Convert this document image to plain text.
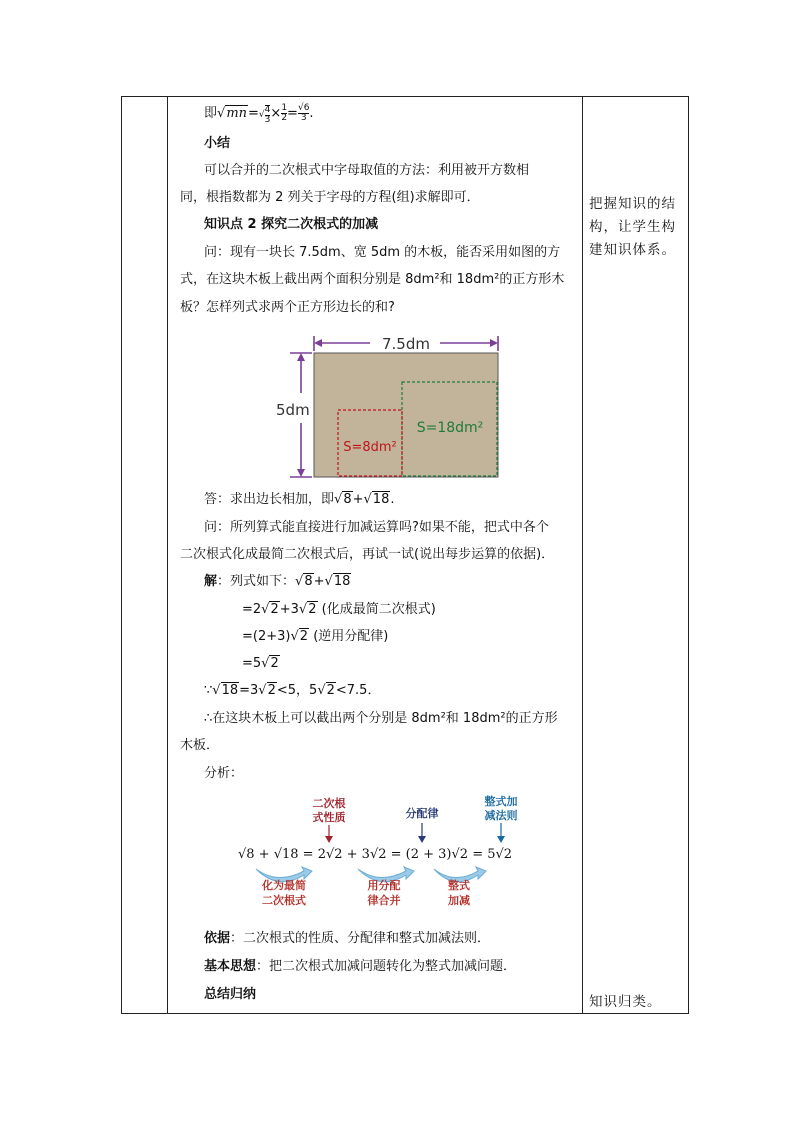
即√mn=√ 4
$3 \times \frac{1}{2} = \frac{√6}{3}$ .
小结
可以合并的二次根式中字母取值的方法：利用被开方数相
同，根指数都为 2 列关于字母的方程(组)求解即可．
知识点 2 探究二次根式的加减
问：现有一块长 7.5dm、宽 5dm 的木板，能否采用如图的方
式，在这块木板上截出两个面积分别是 8dm²和 18dm²的正方形木
板？怎样列式求两个正方形边长的和?
7.5dm
5dm
S=18dm²
S=8dm²
答：求出边长相加，即√8+√18.
问：所列算式能直接进行加减运算吗?如果不能，把式中各个
二次根式化成最简二次根式后，再试一试(说出每步运算的依据)．
解：列式如下：√8+√18
=2√2+3√2 (化成最简二次根式)
=(2+3)√2 (逆用分配律)
=5√2
∵√18=3√2<5，5√2<7.5．
∴在这块木板上可以截出两个分别是 8dm²和 18dm²的正方形
木板．
分析：
二次根
式性质	分配律
整式加
减法则
√8 + √18 = 2√2 + 3√2 = (2 + 3)√2 = 5√2
化为最简
二次根式
用分配
律合并
整式
加减
依据：二次根式的性质、分配律和整式加减法则．
基本思想：把二次根式加减问题转化为整式加减问题．
总结归纳
把握知识的结构，让学生构建知识体系。
知识归类。
